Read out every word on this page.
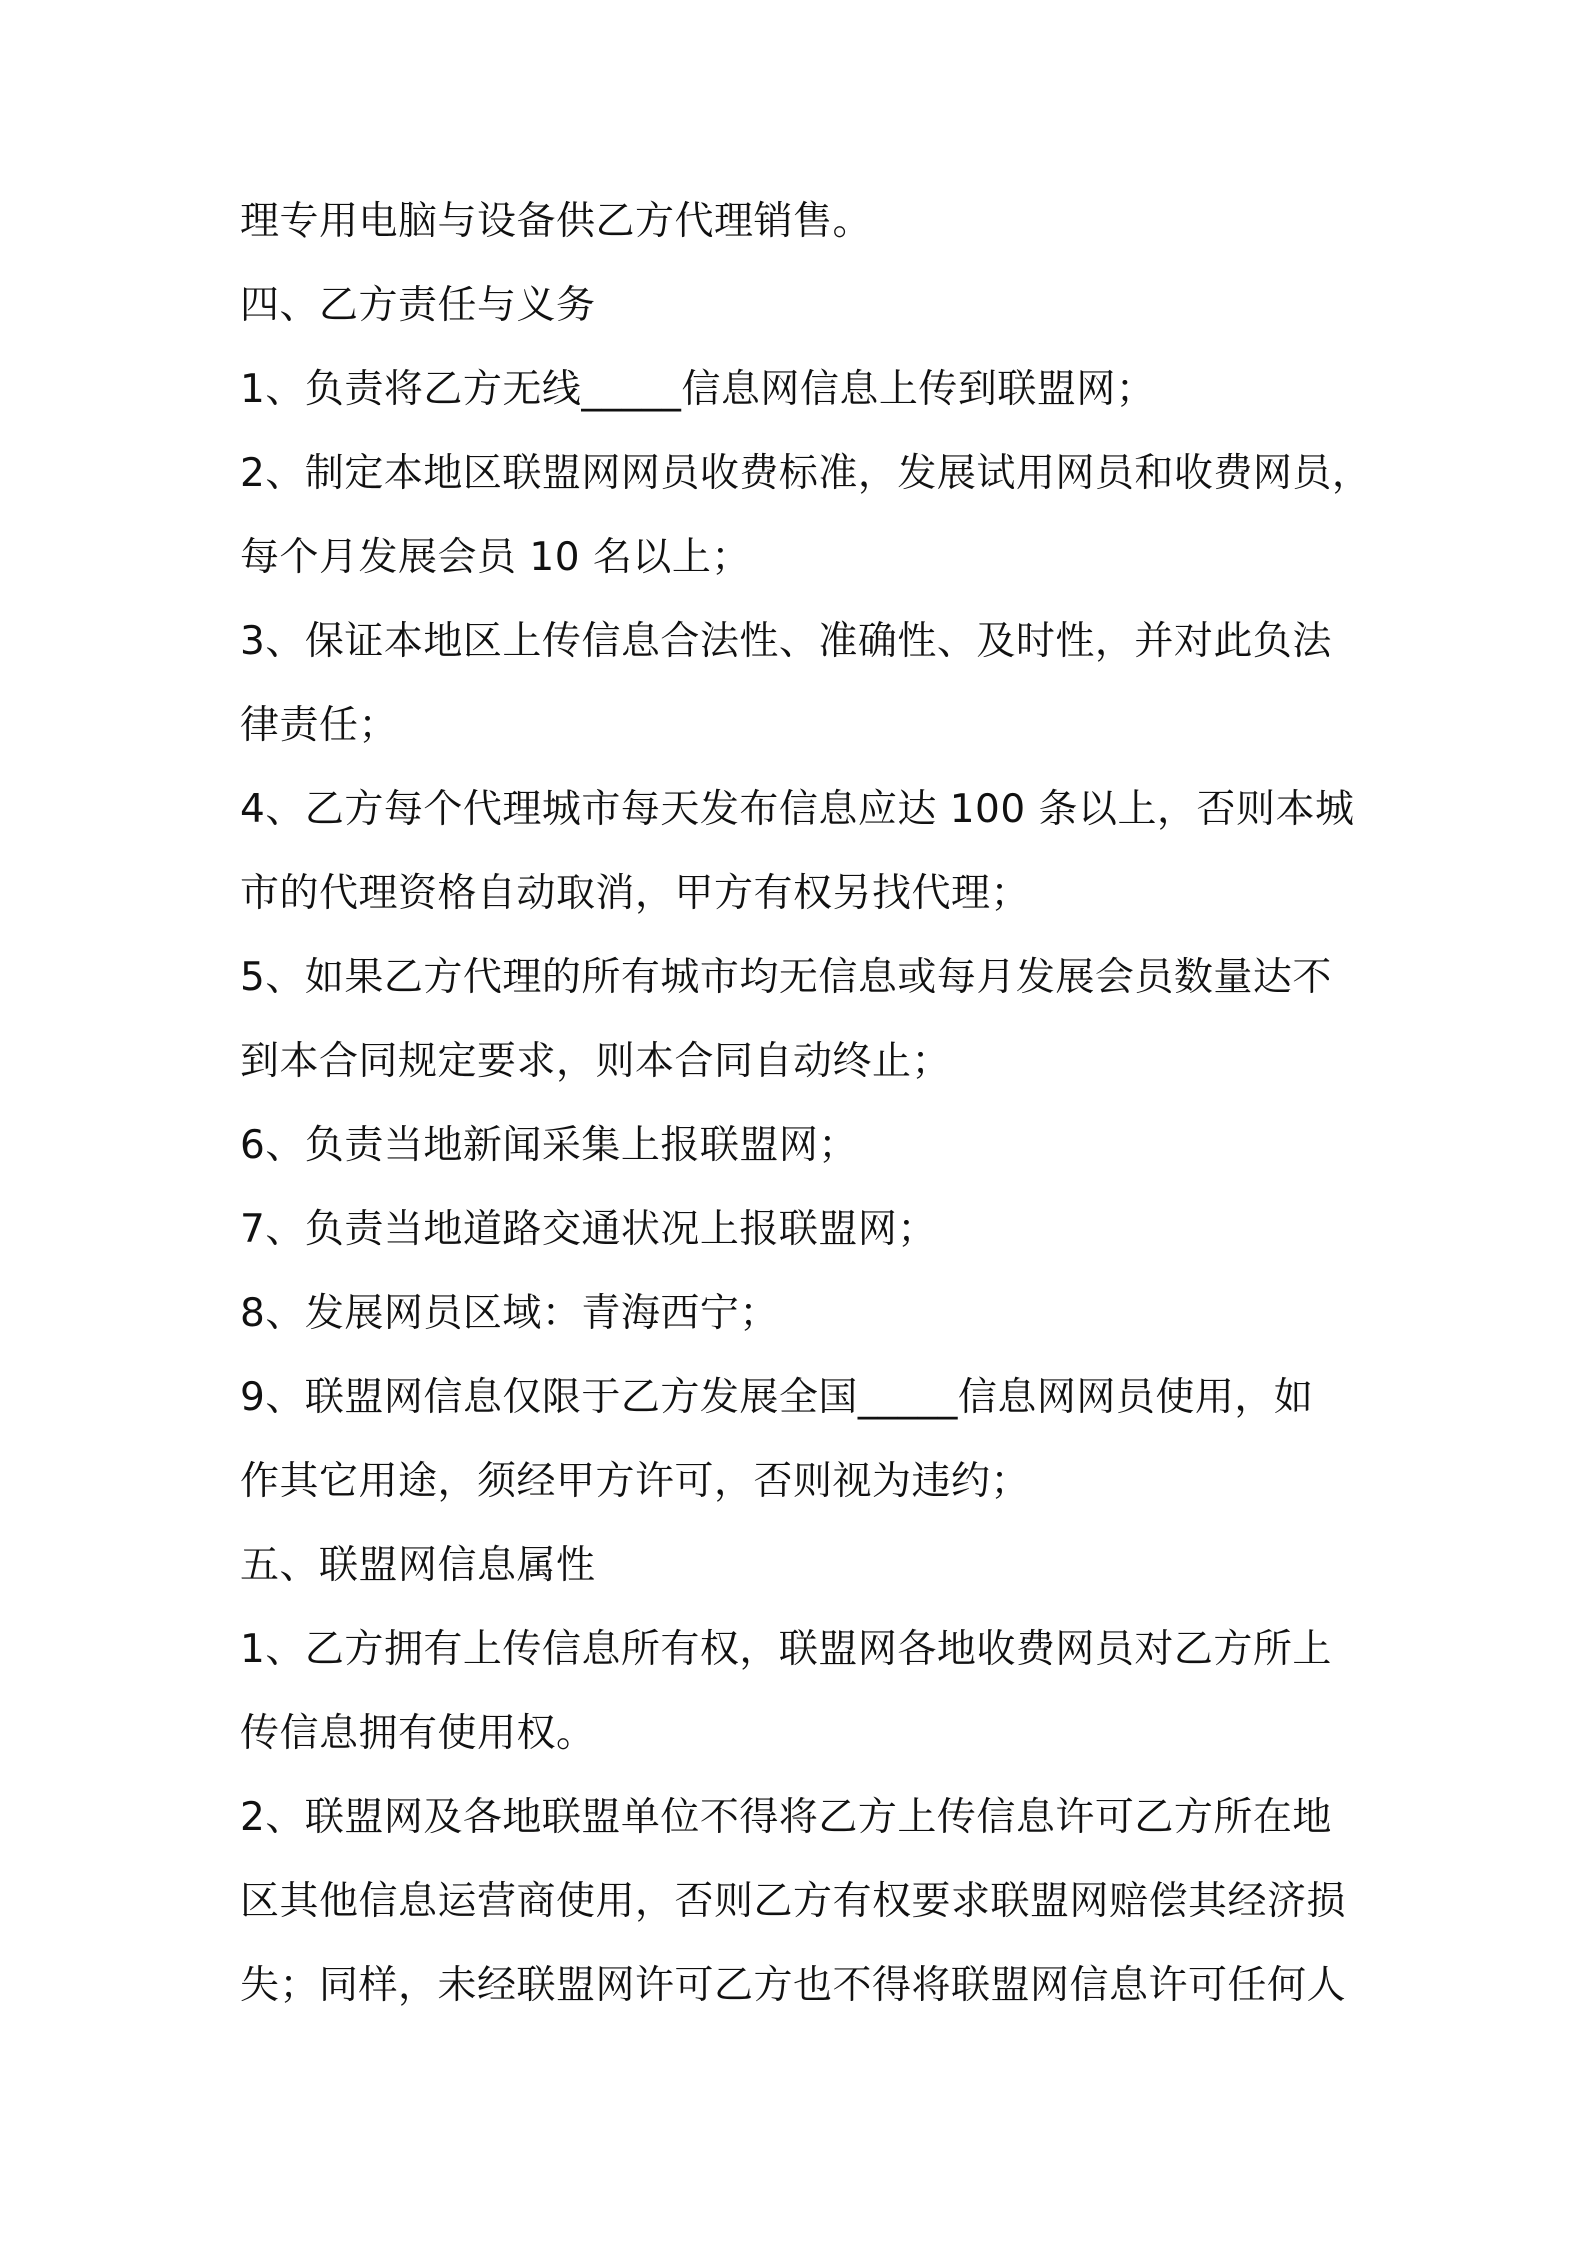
理专用电脑与设备供乙方代理销售。
四、乙方责任与义务
1、负责将乙方无线_____信息网信息上传到联盟网；
2、制定本地区联盟网网员收费标准，发展试用网员和收费网员，
每个月发展会员 10 名以上；
3、保证本地区上传信息合法性、准确性、及时性，并对此负法
律责任；
4、乙方每个代理城市每天发布信息应达 100 条以上，否则本城
市的代理资格自动取消，甲方有权另找代理；
5、如果乙方代理的所有城市均无信息或每月发展会员数量达不
到本合同规定要求，则本合同自动终止；
6、负责当地新闻采集上报联盟网；
7、负责当地道路交通状况上报联盟网；
8、发展网员区域：青海西宁；
9、联盟网信息仅限于乙方发展全国_____信息网网员使用，如
作其它用途，须经甲方许可，否则视为违约；
五、联盟网信息属性
1、乙方拥有上传信息所有权，联盟网各地收费网员对乙方所上
传信息拥有使用权。
2、联盟网及各地联盟单位不得将乙方上传信息许可乙方所在地
区其他信息运营商使用，否则乙方有权要求联盟网赔偿其经济损
失；同样，未经联盟网许可乙方也不得将联盟网信息许可任何人
